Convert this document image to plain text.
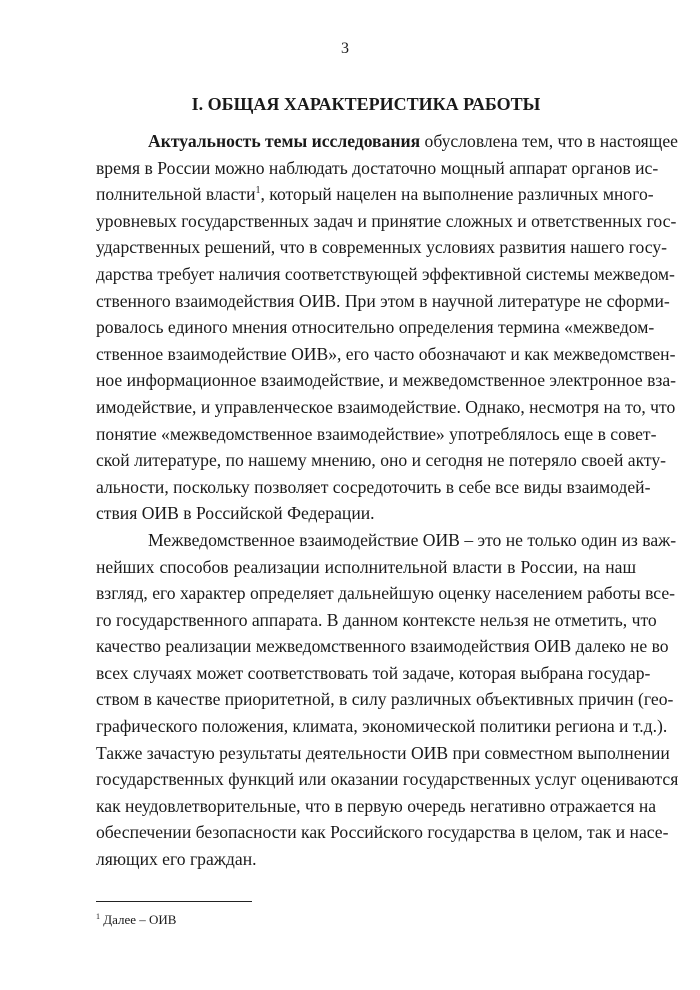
3
I. ОБЩАЯ ХАРАКТЕРИСТИКА РАБОТЫ
Актуальность темы исследования обусловлена тем, что в настоящее
время в России можно наблюдать достаточно мощный аппарат органов ис-
полнительной власти$^1$, который нацелен на выполнение различных много-
уровневых государственных задач и принятие сложных и ответственных гос-
ударственных решений, что в современных условиях развития нашего госу-
дарства требует наличия соответствующей эффективной системы межведом-
ственного взаимодействия ОИВ. При этом в научной литературе не сформи-
ровалось единого мнения относительно определения термина «межведом-
ственное взаимодействие ОИВ», его часто обозначают и как межведомствен-
ное информационное взаимодействие, и межведомственное электронное вза-
имодействие, и управленческое взаимодействие. Однако, несмотря на то, что
понятие «межведомственное взаимодействие» употреблялось еще в совет-
ской литературе, по нашему мнению, оно и сегодня не потеряло своей акту-
альности, поскольку позволяет сосредоточить в себе все виды взаимодей-
ствия ОИВ в Российской Федерации.
Межведомственное взаимодействие ОИВ – это не только один из важ-
нейших способов реализации исполнительной власти в России, на наш
взгляд, его характер определяет дальнейшую оценку населением работы все-
го государственного аппарата. В данном контексте нельзя не отметить, что
качество реализации межведомственного взаимодействия ОИВ далеко не во
всех случаях может соответствовать той задаче, которая выбрана государ-
ством в качестве приоритетной, в силу различных объективных причин (гео-
графического положения, климата, экономической политики региона и т.д.).
Также зачастую результаты деятельности ОИВ при совместном выполнении
государственных функций или оказании государственных услуг оцениваются
как неудовлетворительные, что в первую очередь негативно отражается на
обеспечении безопасности как Российского государства в целом, так и насе-
ляющих его граждан.
$^1$ Далее – ОИВ
